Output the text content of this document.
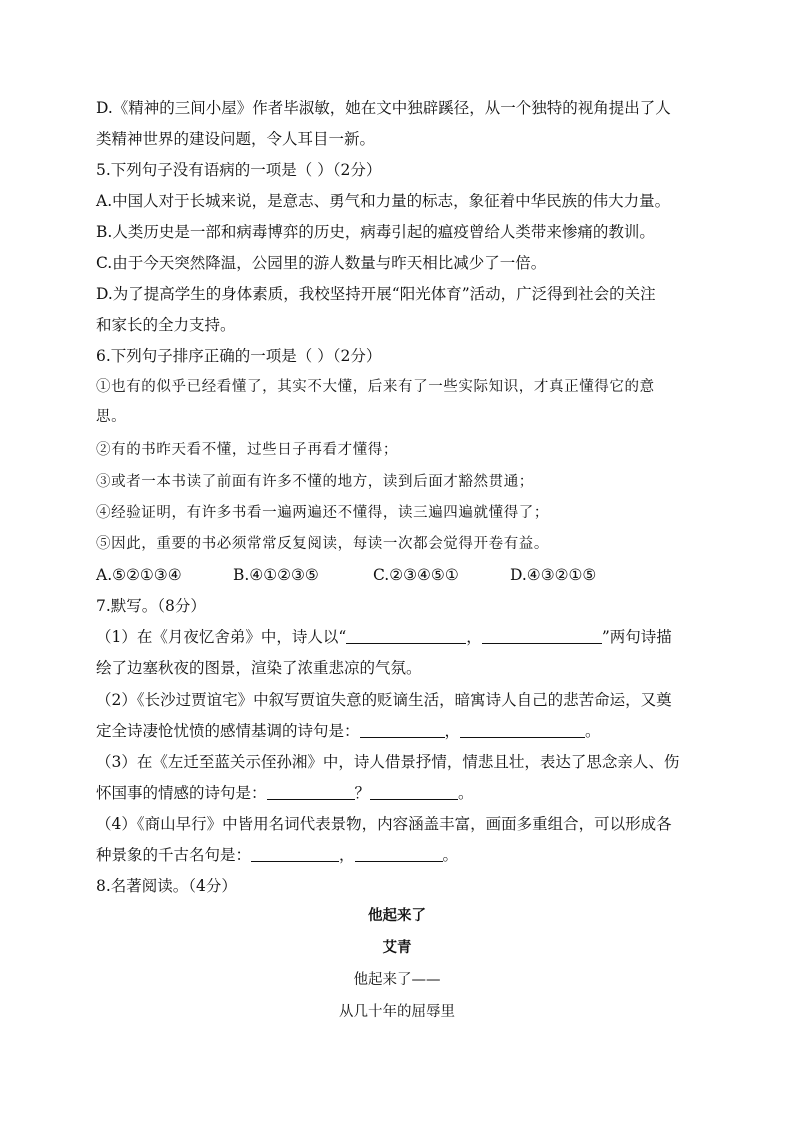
D.《精神的三间小屋》作者毕淑敏，她在文中独辟蹊径，从一个独特的视角提出了人
类精神世界的建设问题，令人耳目一新。
5.下列句子没有语病的一项是（ ）（2分）
A.中国人对于长城来说，是意志、勇气和力量的标志，象征着中华民族的伟大力量。
B.人类历史是一部和病毒博弈的历史，病毒引起的瘟疫曾给人类带来惨痛的教训。
C.由于今天突然降温，公园里的游人数量与昨天相比减少了一倍。
D.为了提高学生的身体素质，我校坚持开展“阳光体育”活动，广泛得到社会的关注
和家长的全力支持。
6.下列句子排序正确的一项是（ ）（2分）
①也有的似乎已经看懂了，其实不大懂，后来有了一些实际知识，才真正懂得它的意
思。
②有的书昨天看不懂，过些日子再看才懂得；
③或者一本书读了前面有许多不懂的地方，读到后面才豁然贯通；
④经验证明，有许多书看一遍两遍还不懂得，读三遍四遍就懂得了；
⑤因此，重要的书必须常常反复阅读，每读一次都会觉得开卷有益。
A.⑤②①③④	B.④①②③⑤	C.②③④⑤①	D.④③②①⑤
7.默写。（8分）
（1）在《月夜忆舍弟》中，诗人以“	，	”两句诗描
绘了边塞秋夜的图景，渲染了浓重悲凉的气氛。
（2）《长沙过贾谊宅》中叙写贾谊失意的贬谪生活，暗寓诗人自己的悲苦命运，又奠
定全诗凄怆忧愤的感情基调的诗句是：	，	。
（3）在《左迁至蓝关示侄孙湘》中，诗人借景抒情，情悲且壮，表达了思念亲人、伤
怀国事的情感的诗句是：	？	。
（4）《商山早行》中皆用名词代表景物，内容涵盖丰富，画面多重组合，可以形成各
种景象的千古名句是：	，	。
8.名著阅读。（4分）
他起来了
艾青
他起来了——
从几十年的屈辱里
